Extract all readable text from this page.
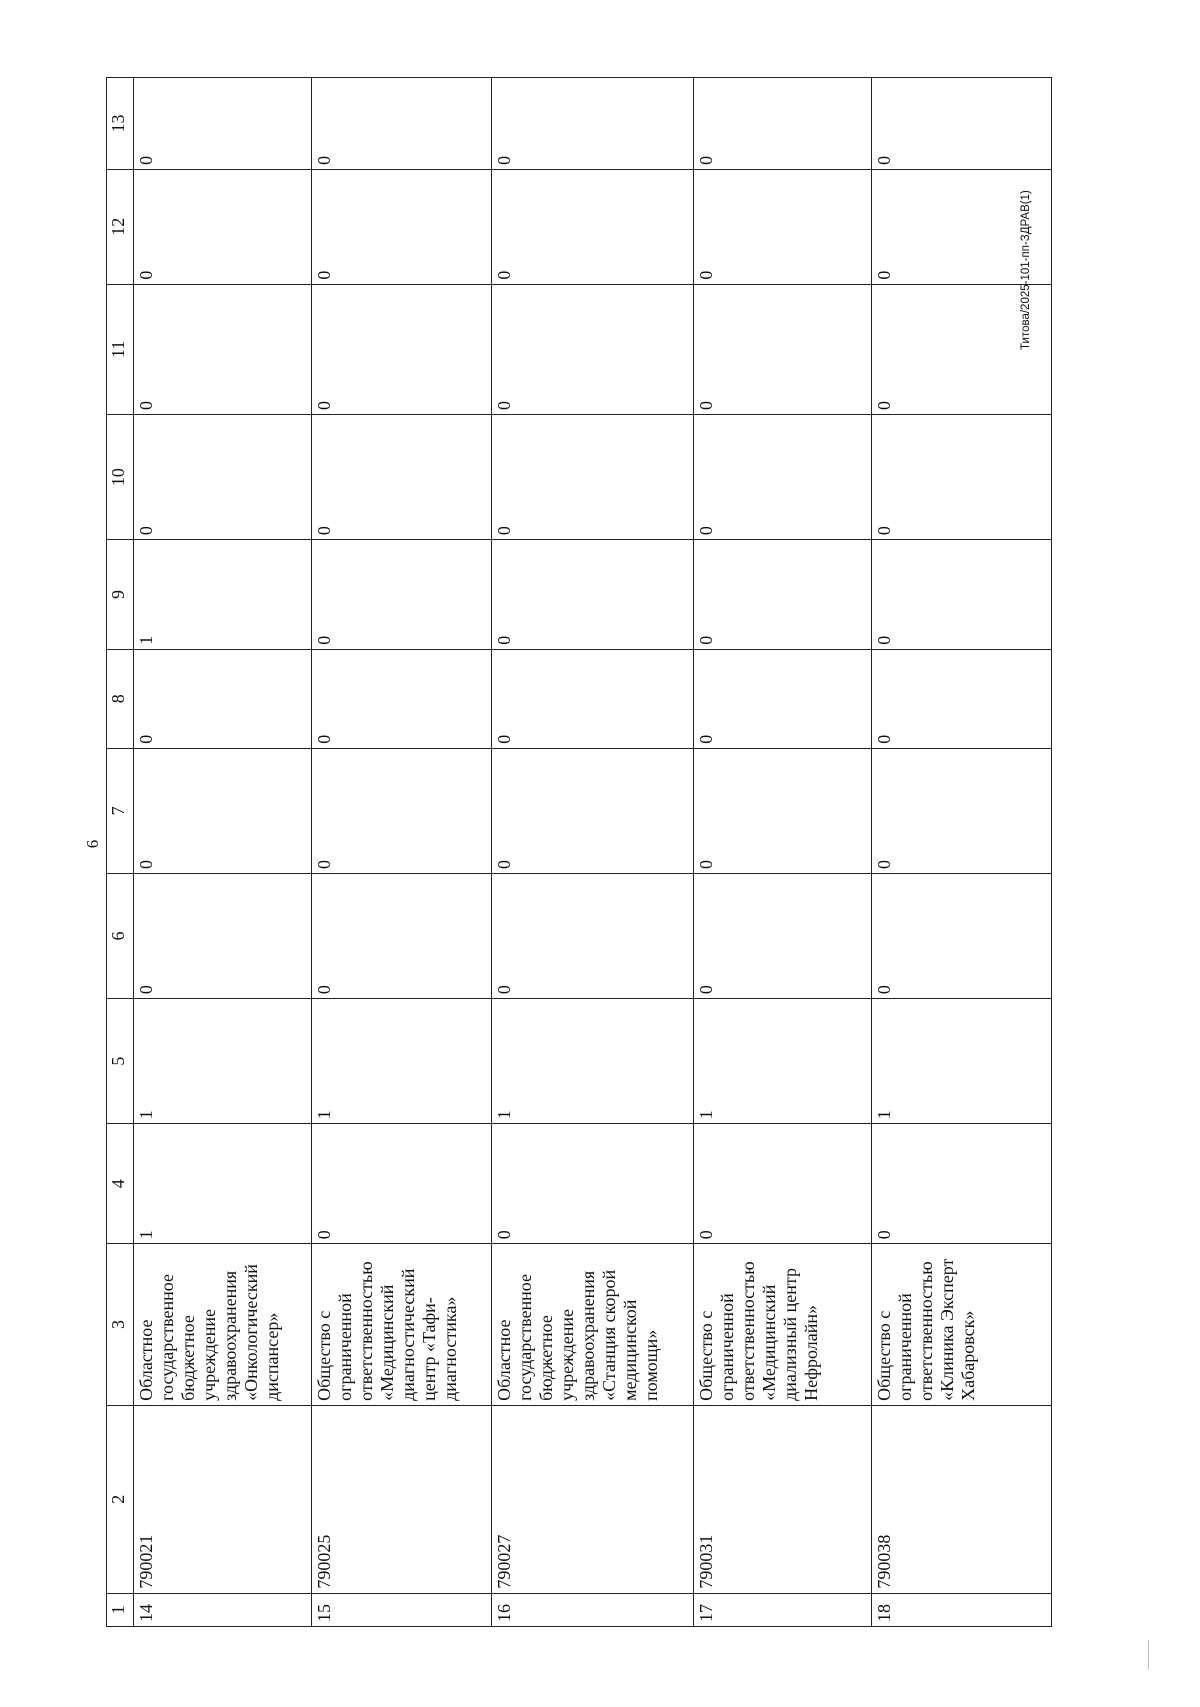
6
Титова/2025-101-пп-ЗДРАВ(1)
1	2	3	4	5	6	7	8	9	10	11	12	13
14	790021	Областное государственное бюджетное учреждение здравоохранения «Онкологический диспансер»	1	1	0	0	0	1	0	0	0	0
15	790025	Общество с ограниченной ответственностью «Медицинский диагностический центр «Тафи-диагностика»	0	1	0	0	0	0	0	0	0	0
16	790027	Областное государственное бюджетное учреждение здравоохранения «Станция скорой медицинской помощи»	0	1	0	0	0	0	0	0	0	0
17	790031	Общество с ограниченной ответственностью «Медицинский диализный центр Нефролайн»	0	1	0	0	0	0	0	0	0	0
18	790038	Общество с ограниченной ответственностью «Клиника Эксперт Хабаровск»	0	1	0	0	0	0	0	0	0	0
